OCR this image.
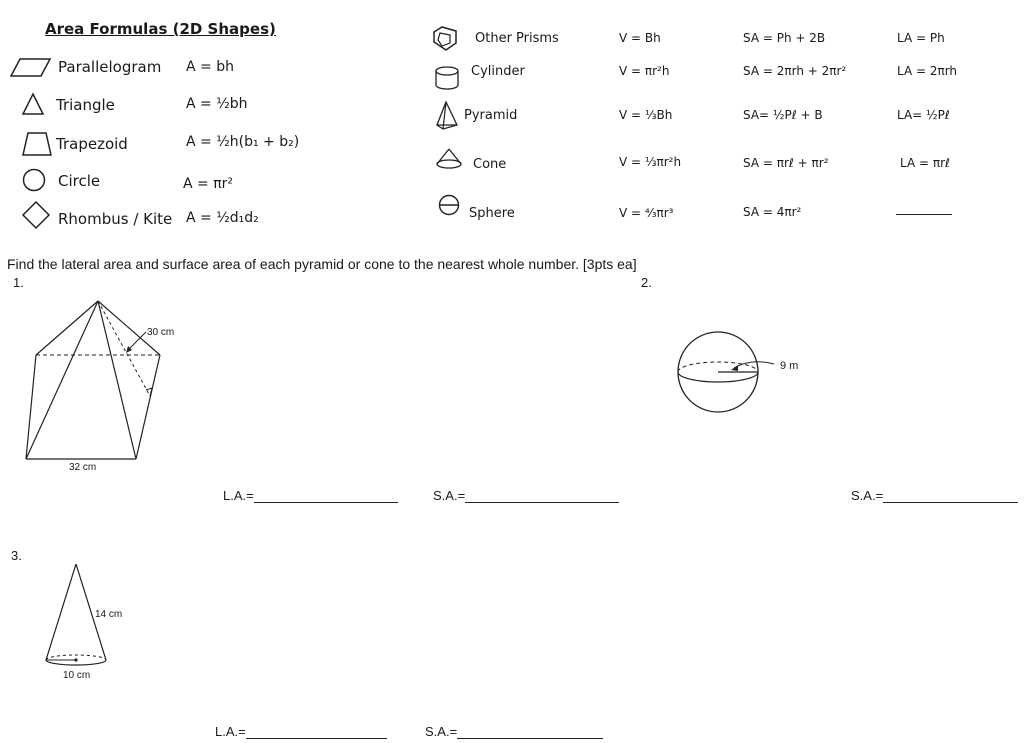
Area Formulas (2D Shapes)
Parallelogram A = bh
Triangle	A = ½bh
Trapezoid	A = ½h(b₁ + b₂)
Circle	A = πr²
Rhombus / Kite A = ½d₁d₂
Other Prisms	V = Bh	SA = Ph + 2B	LA = Ph
Cylinder	V = πr²h	SA = 2πrh + 2πr²	LA = 2πrh
Pyramid	V = ⅓Bh	SA= ½Pℓ + B	LA= ½Pℓ
Cone	V = ⅓πr²h	SA = πrℓ + πr²	LA = πrℓ
Sphere	V = ⁴⁄₃πr³	SA = 4πr²
Find the lateral area and surface area of each pyramid or cone to the nearest whole number. [3pts ea]
1.
30 cm
32 cm
L.A.=	S.A.=
2.
9 m
S.A.=
3.
14 cm
10 cm
L.A.=	S.A.=
